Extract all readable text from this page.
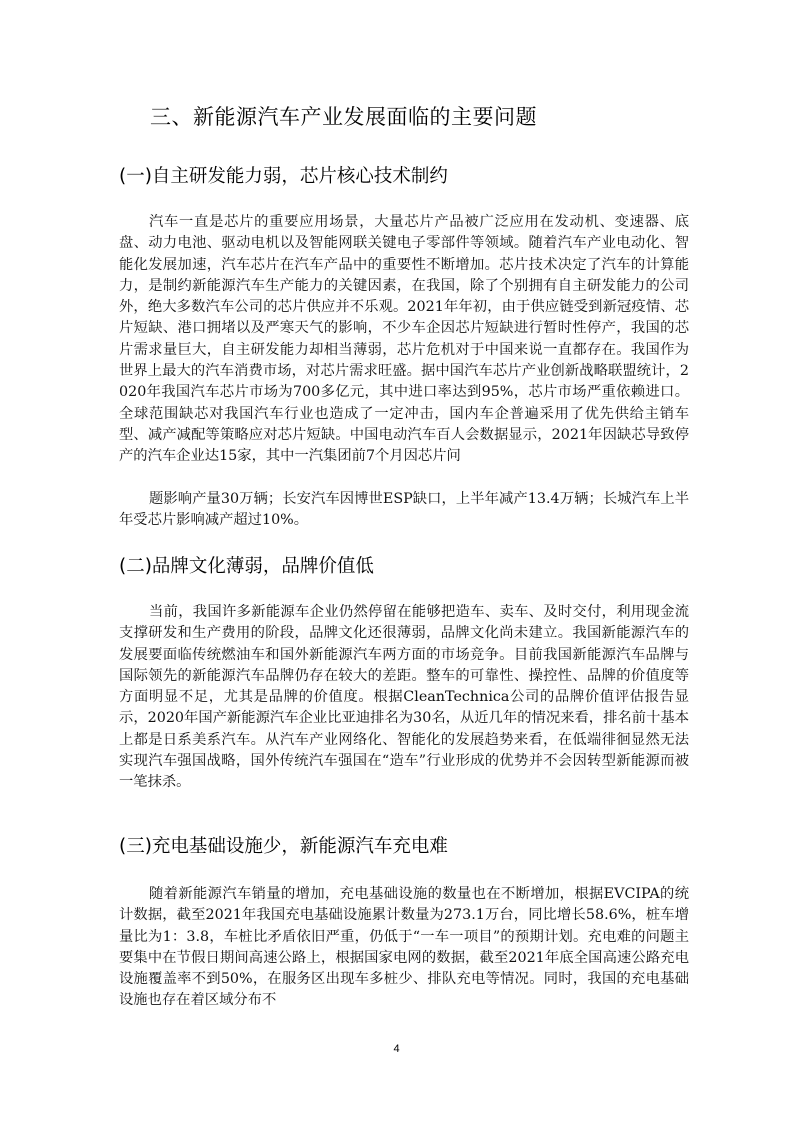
三、新能源汽车产业发展面临的主要问题
(一)自主研发能力弱，芯片核心技术制约

汽车一直是芯片的重要应用场景，大量芯片产品被广泛应用在发动机、变速器、底盘、动力电池、驱动电机以及智能网联关键电子零部件等领域。随着汽车产业电动化、智能化发展加速，汽车芯片在汽车产品中的重要性不断增加。芯片技术决定了汽车的计算能力，是制约新能源汽车生产能力的关键因素，在我国，除了个别拥有自主研发能力的公司外，绝大多数汽车公司的芯片供应并不乐观。2021年年初，由于供应链受到新冠疫情、芯片短缺、港口拥堵以及严寒天气的影响，不少车企因芯片短缺进行暂时性停产，我国的芯片需求量巨大，自主研发能力却相当薄弱，芯片危机对于中国来说一直都存在。我国作为世界上最大的汽车消费市场，对芯片需求旺盛。据中国汽车芯片产业创新战略联盟统计，2020年我国汽车芯片市场为700多亿元，其中进口率达到95%，芯片市场严重依赖进口。全球范围缺芯对我国汽车行业也造成了一定冲击，国内车企普遍采用了优先供给主销车型、减产减配等策略应对芯片短缺。中国电动汽车百人会数据显示，2021年因缺芯导致停产的汽车企业达15家，其中一汽集团前7个月因芯片问

题影响产量30万辆；长安汽车因博世ESP缺口，上半年减产13.4万辆；长城汽车上半年受芯片影响减产超过10%。

(二)品牌文化薄弱，品牌价值低

当前，我国许多新能源车企业仍然停留在能够把造车、卖车、及时交付，利用现金流支撑研发和生产费用的阶段，品牌文化还很薄弱，品牌文化尚未建立。我国新能源汽车的发展要面临传统燃油车和国外新能源汽车两方面的市场竞争。目前我国新能源汽车品牌与国际领先的新能源汽车品牌仍存在较大的差距。整车的可靠性、操控性、品牌的价值度等方面明显不足，尤其是品牌的价值度。根据CleanTechnica公司的品牌价值评估报告显示，2020年国产新能源汽车企业比亚迪排名为30名，从近几年的情况来看，排名前十基本上都是日系美系汽车。从汽车产业网络化、智能化的发展趋势来看，在低端徘徊显然无法实现汽车强国战略，国外传统汽车强国在“造车”行业形成的优势并不会因转型新能源而被一笔抹杀。

(三)充电基础设施少，新能源汽车充电难

随着新能源汽车销量的增加，充电基础设施的数量也在不断增加，根据EVCIPA的统计数据，截至2021年我国充电基础设施累计数量为273.1万台，同比增长58.6%，桩车增量比为1：3.8，车桩比矛盾依旧严重，仍低于“一车一项目”的预期计划。充电难的问题主要集中在节假日期间高速公路上，根据国家电网的数据，截至2021年底全国高速公路充电设施覆盖率不到50%，在服务区出现车多桩少、排队充电等情况。同时，我国的充电基础设施也存在着区域分布不

4
